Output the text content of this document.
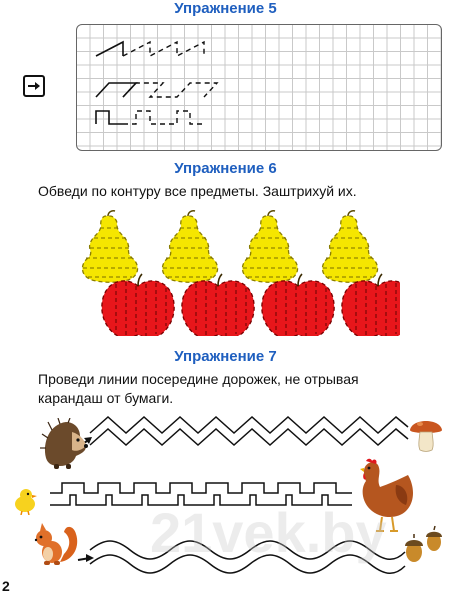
Упражнение 5
Упражнение 6
Обведи по контуру все предметы. Заштрихуй их.
Упражнение 7
Проведи линии посередине дорожек, не отрывая карандаш от бумаги.
21vek.by
2
